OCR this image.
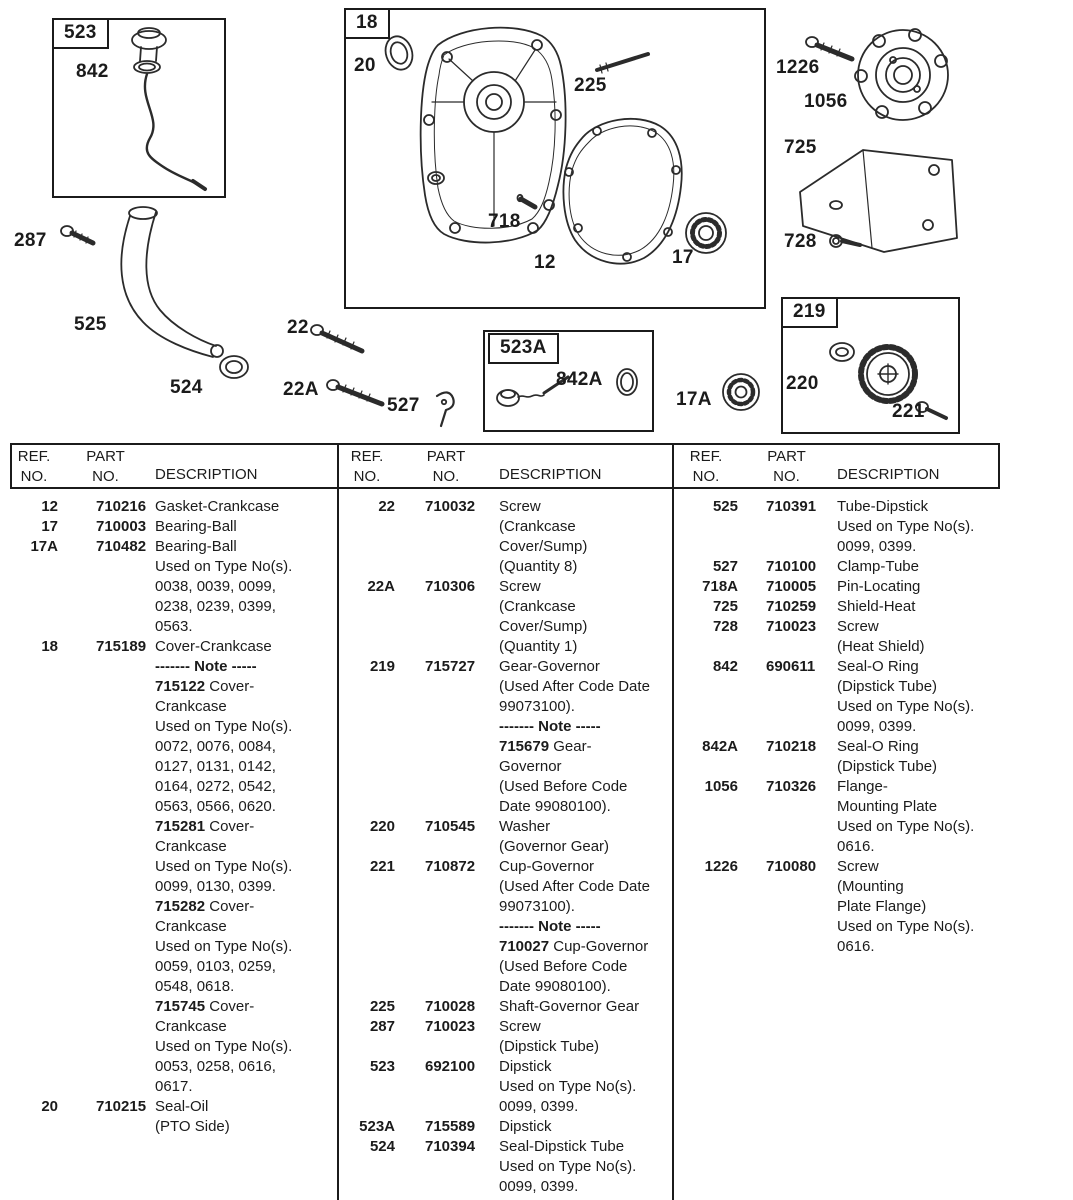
523
842
287
525
524
18
20
225
718
12	17
22
22A
527
523A
842A
17A
1226
1056
725
728
219
220
221
REF.
NO.
PART
NO.	DESCRIPTION
REF.
NO.
PART
NO.	DESCRIPTION
REF.
NO.
PART
NO.	DESCRIPTION
12	710216 Gasket-Crankcase
17	710003 Bearing-Ball
17A	710482 Bearing-Ball
Used on Type No(s).
0038, 0039, 0099,
0238, 0239, 0399,
0563.
18	715189 Cover-Crankcase
------- Note -----
715122 Cover-
Crankcase
Used on Type No(s).
0072, 0076, 0084,
0127, 0131, 0142,
0164, 0272, 0542,
0563, 0566, 0620.
715281 Cover-
Crankcase
Used on Type No(s).
0099, 0130, 0399.
715282 Cover-
Crankcase
Used on Type No(s).
0059, 0103, 0259,
0548, 0618.
715745 Cover-
Crankcase
Used on Type No(s).
0053, 0258, 0616,
0617.
20	710215 Seal-Oil
(PTO Side)
22	710032	Screw
(Crankcase
Cover/Sump)
(Quantity 8)
22A	710306	Screw
(Crankcase
Cover/Sump)
(Quantity 1)
219	715727	Gear-Governor
(Used After Code Date
99073100).
------- Note -----
715679 Gear-
Governor
(Used Before Code
Date 99080100).
220	710545	Washer
(Governor Gear)
221	710872	Cup-Governor
(Used After Code Date
99073100).
------- Note -----
710027 Cup-Governor
(Used Before Code
Date 99080100).
225	710028	Shaft-Governor Gear
287	710023	Screw
(Dipstick Tube)
523	692100	Dipstick
Used on Type No(s).
0099, 0399.
523A	715589	Dipstick
524	710394	Seal-Dipstick Tube
Used on Type No(s).
0099, 0399.
525	710391	Tube-Dipstick
Used on Type No(s).
0099, 0399.
527	710100	Clamp-Tube
718A	710005	Pin-Locating
725	710259	Shield-Heat
728	710023	Screw
(Heat Shield)
842	690611	Seal-O Ring
(Dipstick Tube)
Used on Type No(s).
0099, 0399.
842A	710218	Seal-O Ring
(Dipstick Tube)
1056	710326	Flange-
Mounting Plate
Used on Type No(s).
0616.
1226	710080	Screw
(Mounting
Plate Flange)
Used on Type No(s).
0616.
